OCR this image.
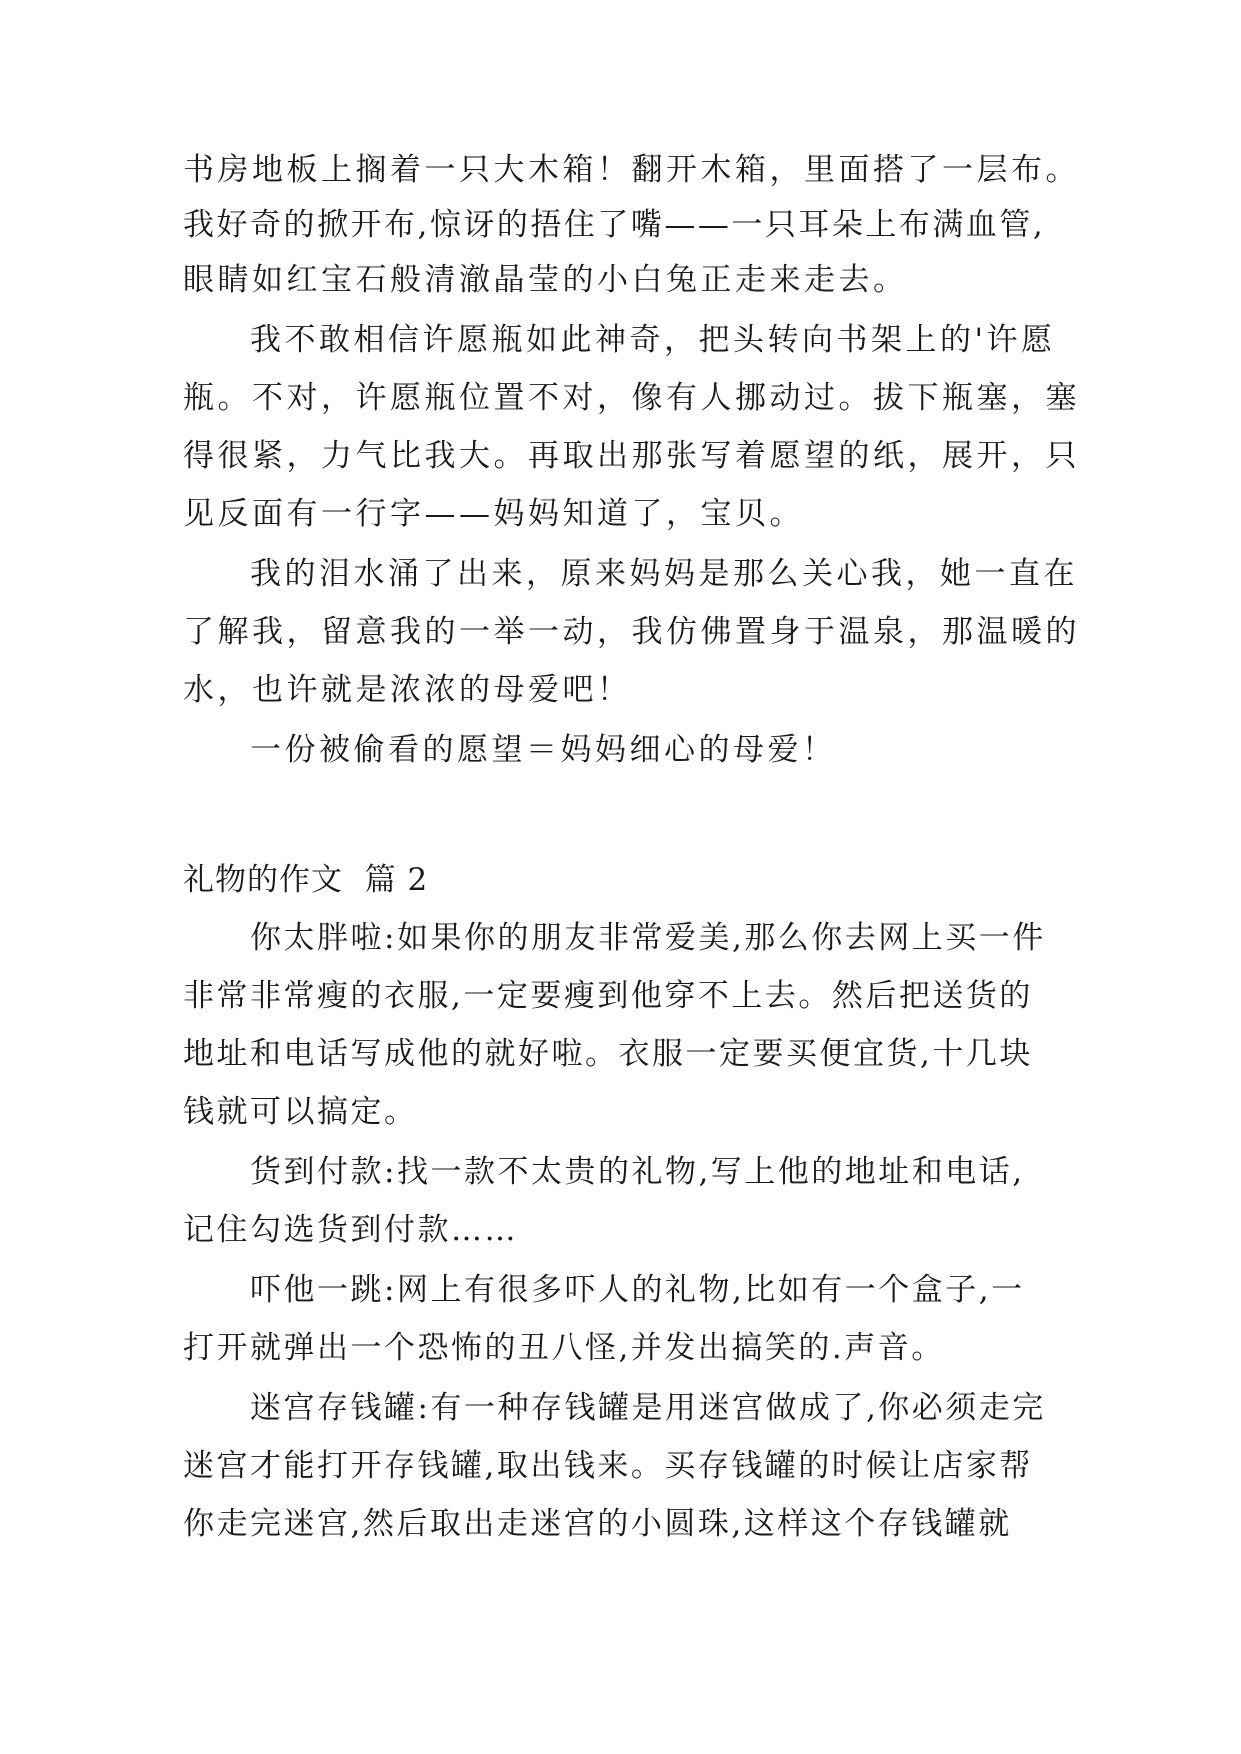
书房地板上搁着一只大木箱！翻开木箱，里面搭了一层布。
我好奇的掀开布,惊讶的捂住了嘴——一只耳朵上布满血管,
眼睛如红宝石般清澈晶莹的小白兔正走来走去。
我不敢相信许愿瓶如此神奇，把头转向书架上的'许愿
瓶。不对，许愿瓶位置不对，像有人挪动过。拔下瓶塞，塞
得很紧，力气比我大。再取出那张写着愿望的纸，展开，只
见反面有一行字——妈妈知道了，宝贝。
我的泪水涌了出来，原来妈妈是那么关心我，她一直在
了解我，留意我的一举一动，我仿佛置身于温泉，那温暖的
水，也许就是浓浓的母爱吧！
一份被偷看的愿望＝妈妈细心的母爱！
礼物的作文  篇 2
你太胖啦:如果你的朋友非常爱美,那么你去网上买一件
非常非常瘦的衣服,一定要瘦到他穿不上去。然后把送货的
地址和电话写成他的就好啦。衣服一定要买便宜货,十几块
钱就可以搞定。
货到付款:找一款不太贵的礼物,写上他的地址和电话,
记住勾选货到付款……
吓他一跳:网上有很多吓人的礼物,比如有一个盒子,一
打开就弹出一个恐怖的丑八怪,并发出搞笑的.声音。
迷宫存钱罐:有一种存钱罐是用迷宫做成了,你必须走完
迷宫才能打开存钱罐,取出钱来。买存钱罐的时候让店家帮
你走完迷宫,然后取出走迷宫的小圆珠,这样这个存钱罐就
